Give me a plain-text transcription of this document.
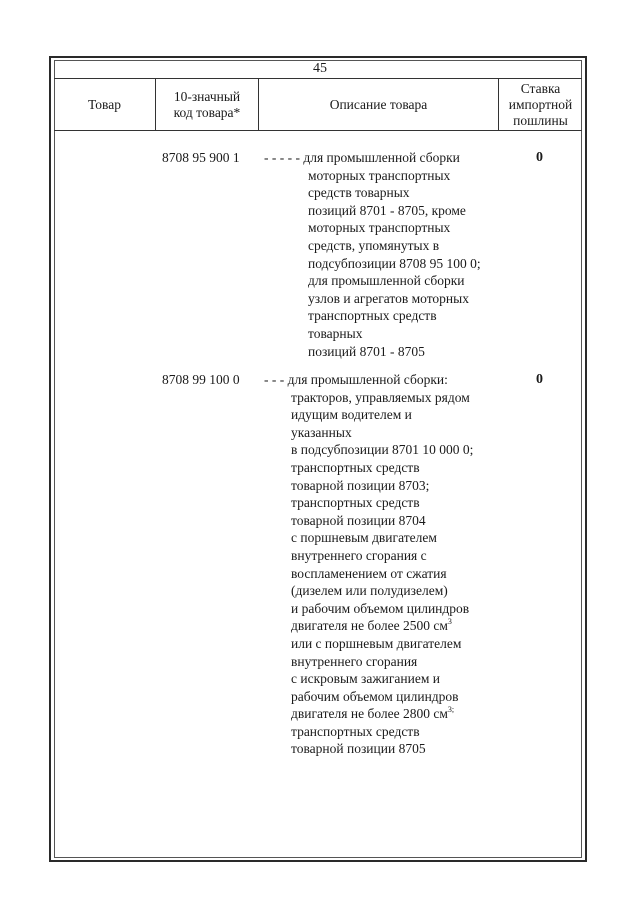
45
Товар
10-значный
код товара*
Описание товара
Ставка
импортной
пошлины
8708 95 900 1 - - - - - для промышленной сборки
моторных транспортных
средств товарных
позиций 8701 - 8705, кроме
моторных транспортных
средств, упомянутых в
подсубпозиции 8708 95 100 0;
для промышленной сборки
узлов и агрегатов моторных
транспортных средств
товарных
позиций 8701 - 8705
0
8708 99 100 0 - - - для промышленной сборки:
тракторов, управляемых рядом
идущим водителем и
указанных
в подсубпозиции 8701 10 000 0;
транспортных средств
товарной позиции 8703;
транспортных средств
товарной позиции 8704
с поршневым двигателем
внутреннего сгорания с
воспламенением от сжатия
(дизелем или полудизелем)
и рабочим объемом цилиндров
двигателя не более 2500 $см^3$
или с поршневым двигателем
внутреннего сгорания
с искровым зажиганием и
рабочим объемом цилиндров
двигателя не более 2800 $см^{3;}$
транспортных средств
товарной позиции 8705
0
